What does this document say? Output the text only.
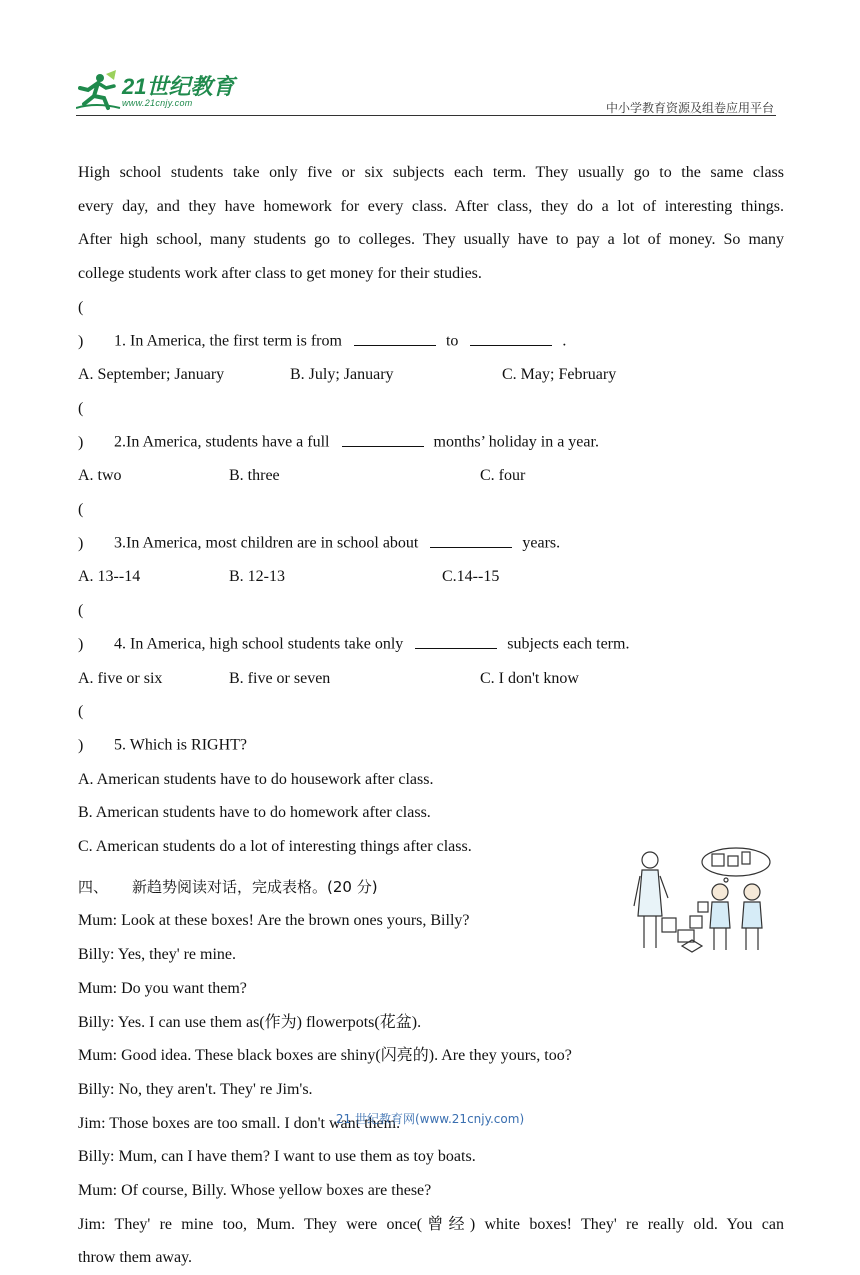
21世纪教育
www.21cnjy.com	中小学教育资源及组卷应用平台

High school students take only five or six subjects each term. They usually go to the same class

every day, and they have homework for every class. After class, they do a lot of interesting things.

After high school, many students go to colleges. They usually have to pay a lot of money. So many

college students work after class to get money for their studies.

() 1. In America, the first term is from	to	.

A. September; January	B. July; January	C. May; February

() 2.In America, students have a full	months’ holiday in a year.

A. two	B. three	C. four

() 3.In America, most children are in school about	years.

A. 13--14	B. 12-13	C.14--15

() 4. In America, high school students take only	subjects each term.

A. five or six	B. five or seven	C. I don't know

() 5. Which is RIGHT?

A. American students have to do housework after class.

B. American students have to do homework after class.

C. American students do a lot of interesting things after class.

四、 新趋势阅读对话，完成表格。(20 分)

Mum: Look at these boxes! Are the brown ones yours, Billy?

Billy: Yes, they' re mine.

Mum: Do you want them?

Billy: Yes. I can use them as(作为) flowerpots(花盆).

Mum: Good idea. These black boxes are shiny(闪亮的). Are they yours, too?

Billy: No, they aren't. They' re Jim's.

Jim: Those boxes are too small. I don't want them.

Billy: Mum, can I have them? I want to use them as toy boats.

Mum: Of course, Billy. Whose yellow boxes are these?

Jim: They' re mine too, Mum. They were once(曾经) white boxes! They' re really old. You can

throw them away.

21 世纪教育网(www.21cnjy.com)
